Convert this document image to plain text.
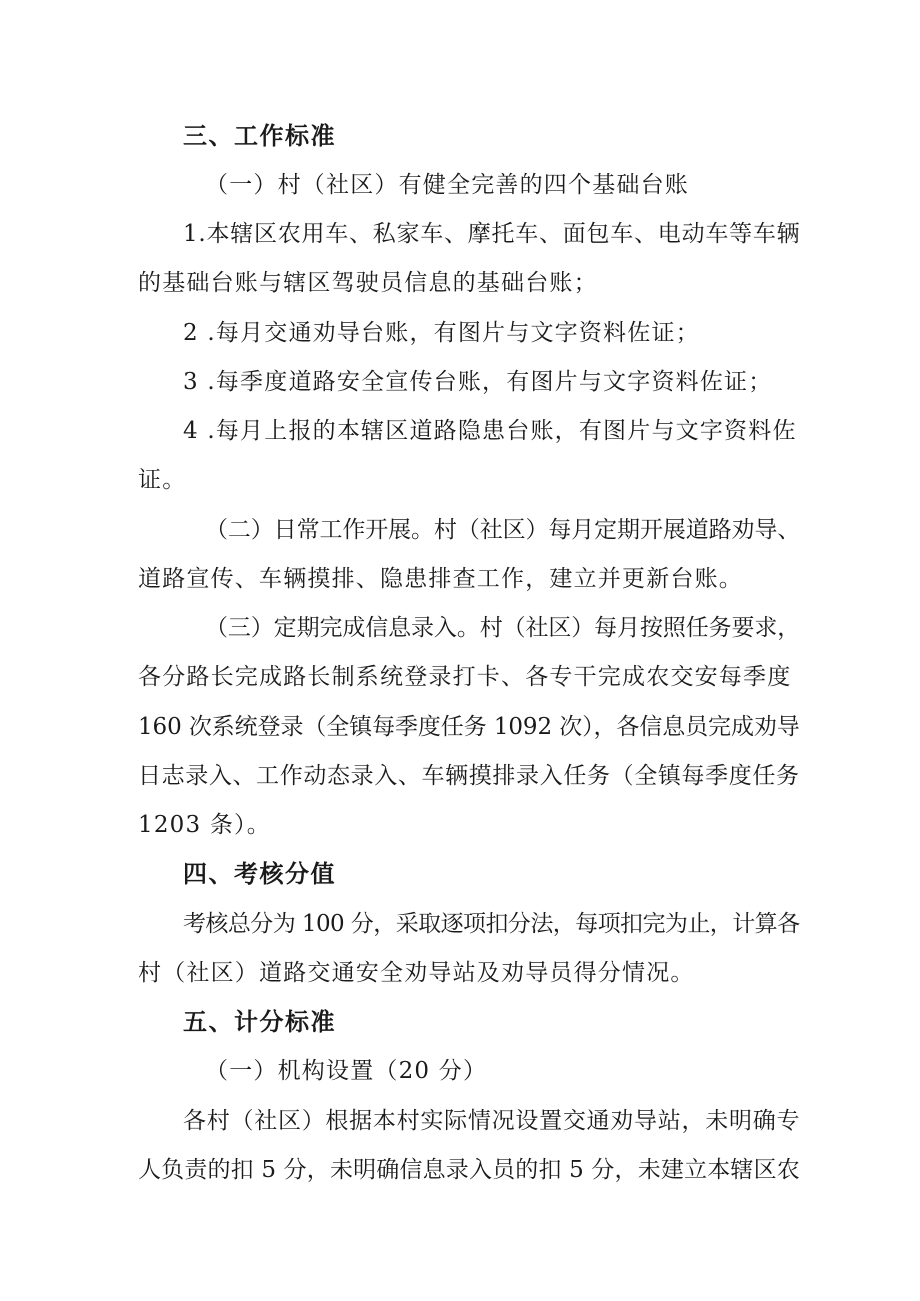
三、工作标准
（一）村（社区）有健全完善的四个基础台账
1.本辖区农用车、私家车、摩托车、面包车、电动车等车辆
的基础台账与辖区驾驶员信息的基础台账；
2 .每月交通劝导台账，有图片与文字资料佐证；
3 .每季度道路安全宣传台账，有图片与文字资料佐证；
4 .每月上报的本辖区道路隐患台账，有图片与文字资料佐
证。
（二）日常工作开展。村（社区）每月定期开展道路劝导、
道路宣传、车辆摸排、隐患排查工作，建立并更新台账。
（三）定期完成信息录入。村（社区）每月按照任务要求，
各分路长完成路长制系统登录打卡、各专干完成农交安每季度
160 次系统登录（全镇每季度任务 1092 次），各信息员完成劝导
日志录入、工作动态录入、车辆摸排录入任务（全镇每季度任务
1203 条）。
四、考核分值
考核总分为 100 分，采取逐项扣分法，每项扣完为止，计算各
村（社区）道路交通安全劝导站及劝导员得分情况。
五、计分标准
（一）机构设置（20 分）
各村（社区）根据本村实际情况设置交通劝导站，未明确专
人负责的扣 5 分，未明确信息录入员的扣 5 分，未建立本辖区农
